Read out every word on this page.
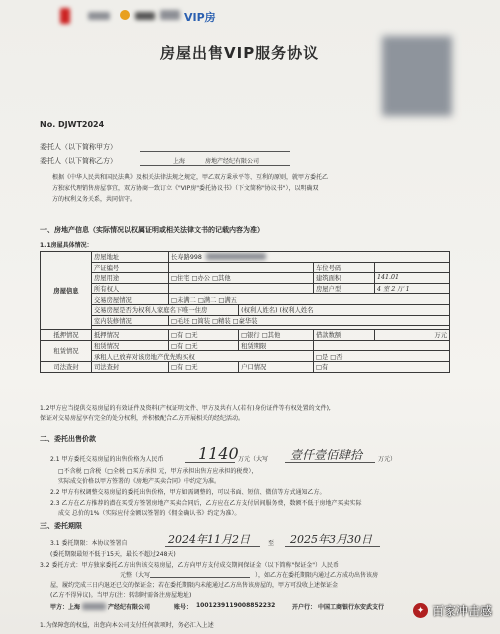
VIP房
房屋出售VIP服务协议
No. DJWT2024
委托人（以下简称甲方）
委托人（以下简称乙方）	上海	房地产经纪有限公司
根据《中华人民共和国民法典》及相关法律法规之规定，甲乙双方秉承平等、互利的原则，就甲方委托乙
方独家代理销售房屋事宜，双方协商一致订立《"VIP房"委托协议书》（下文简称"协议书"），以明确双
方的权利义务关系，共同信守。
一、房地产信息（实际情况以权属证明或相关法律文书的记载内容为准）
1.1房屋具体情况：
房屋信息	房屋地址	长寿路998			
	产证编号			车位号码	
	房屋用途	□住宅 □办公 □其他		建筑面积	141.01
	所有权人			房屋户型	4 室 2 厅 1
	交易房屋情况	□未满二 □满二 □满五			
	交易房屋是否为权利人家庭名下唯一住房		(权利人姓名) (权利人姓名		
	室内装修情况	□毛坯 □简装 □精装 □豪华装			

抵押情况	抵押情况	□有 □无	□银行 □其他	借款数额	万元
租赁情况	租赁情况	□有 □无	租赁期限		
	承租人已放弃对该房地产优先购买权			□是 □否	
司法查封	司法查封	□有 □无	户口情况	□有	
1.2甲方应当提供交易房屋的有效证件及资料(产权证明文件、甲方及共有人(若有)身份证件等有权处置的文件),
保证对交易房屋享有完全的处分权利，并积极配合乙方开展相关的经纪活动。
二、委托出售价款
2.1 甲方委托交易房屋的出售价格为人民币 1140 万元（大写 壹仟壹佰肆拾	万元）
□不含税 □含税（□全税 □买方承担 元，甲方承担出售方应承担的税费），
实际成交价格以甲方签署的《房地产买卖合同》中约定为准。
2.2 甲方有权调整交易房屋的委托出售价格，甲方如需调整的，可以书面、短信、微信等方式通知乙方。
2.3 乙方在乙方推荐的潜在买受方签署房地产买卖合同后，乙方应在乙方支付居间服务费，数额不低于房地产买卖实际
成交 总价的1%（实际应付金额以签署的《佣金确认书》约定为准）。
三、委托期限
3.1 委托期限：本协议签署自	2024年11月2日	至 2025年3月30日
(委托期限最短不低于15天，最长不超过248天)
3.2 委托方式：甲方独家委托乙方出售该交易房屋，乙方向甲方支付成交期间保证金（以下简称"保证金"）人民币
元整（大写	），如乙方在委托期限内通过乙方成功出售该房
屋，履约完成三日内退还已交的保证金；若在委托期限内未能通过乙方出售该房屋的，甲方可没收上述保证金
(乙方不得异议)。当甲方(注：转制时需备注房屋地址)
甲方：上海	产经纪有限公司	账号： 1001239119008852232	开户行： 中国工商银行东安武支行
1.为保障您的权益，出您向本公司支付任何款项时，务必汇入上述
✦ 百家冲击感
